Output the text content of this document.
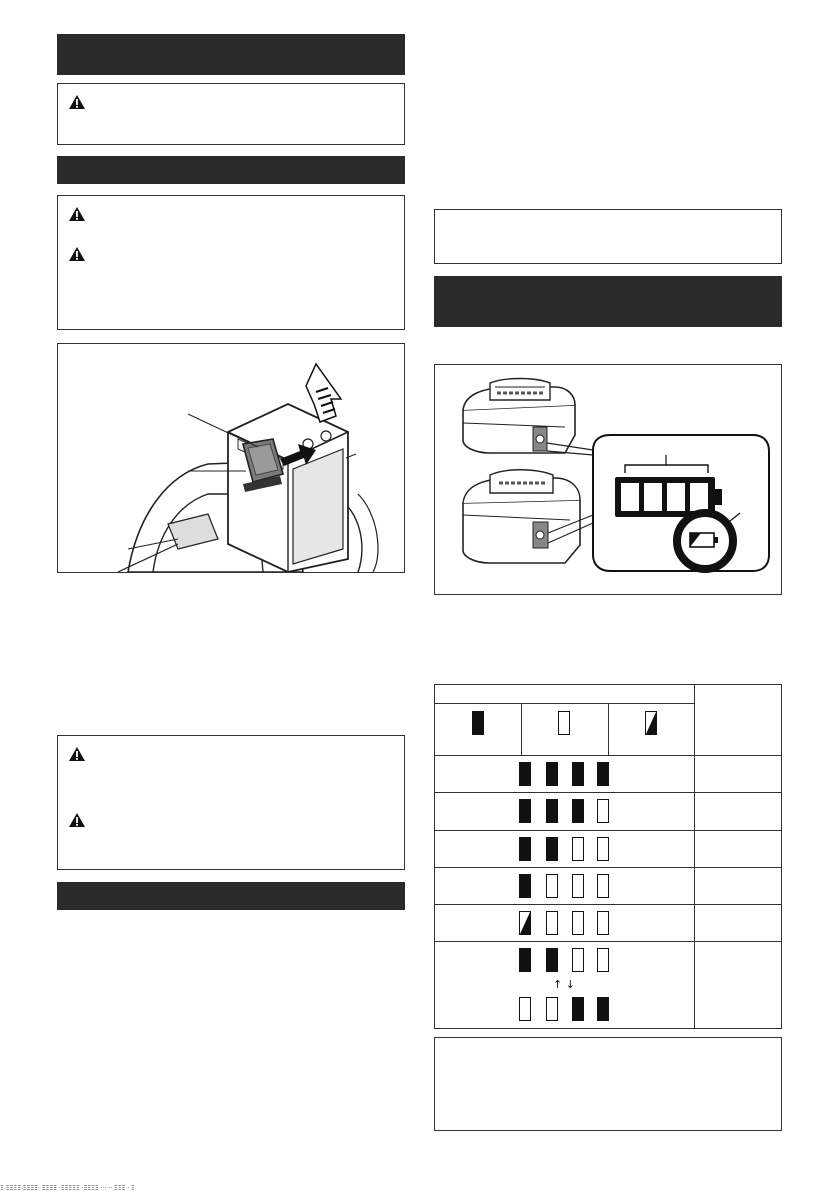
↑ ↓
Ξ ΞΞΞΞ ΞΞΞΞ· ΞΞΞΞ ·ΞΞΞΞΞ ·ΞΞΞΞ ··· ·· ΞΞΞ · Ξ
